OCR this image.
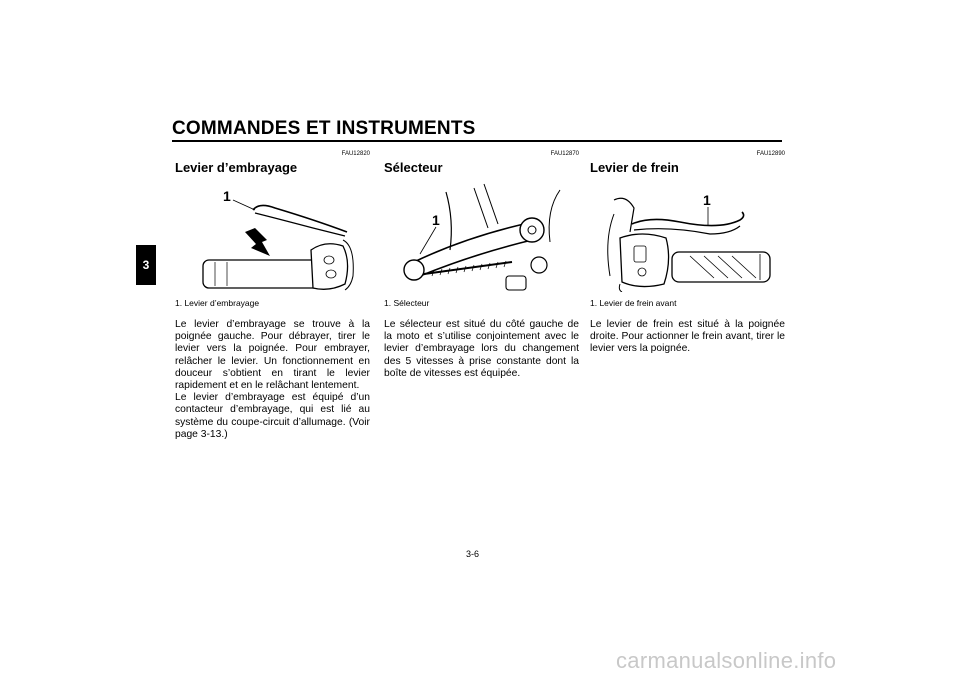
COMMANDES ET INSTRUMENTS
3
FAU12820
Levier d’embrayage
1
1. Levier d’embrayage

Le levier d’embrayage se trouve à la poignée gauche. Pour débrayer, tirer le levier vers la poignée. Pour embrayer, relâcher le levier. Un fonctionnement en douceur s’obtient en tirant le levier rapidement et en le relâchant lentement.

Le levier d’embrayage est équipé d’un contacteur d’embrayage, qui est lié au système du coupe-circuit d’allumage. (Voir page 3-13.)

FAU12870
Sélecteur
1
1. Sélecteur

Le sélecteur est situé du côté gauche de la moto et s’utilise conjointement avec le levier d’embrayage lors du changement des 5 vitesses à prise constante dont la boîte de vitesses est équipée.

FAU12890
Levier de frein
1
1. Levier de frein avant

Le levier de frein est situé à la poignée droite. Pour actionner le frein avant, tirer le levier vers la poignée.

3-6
carmanualsonline.info
